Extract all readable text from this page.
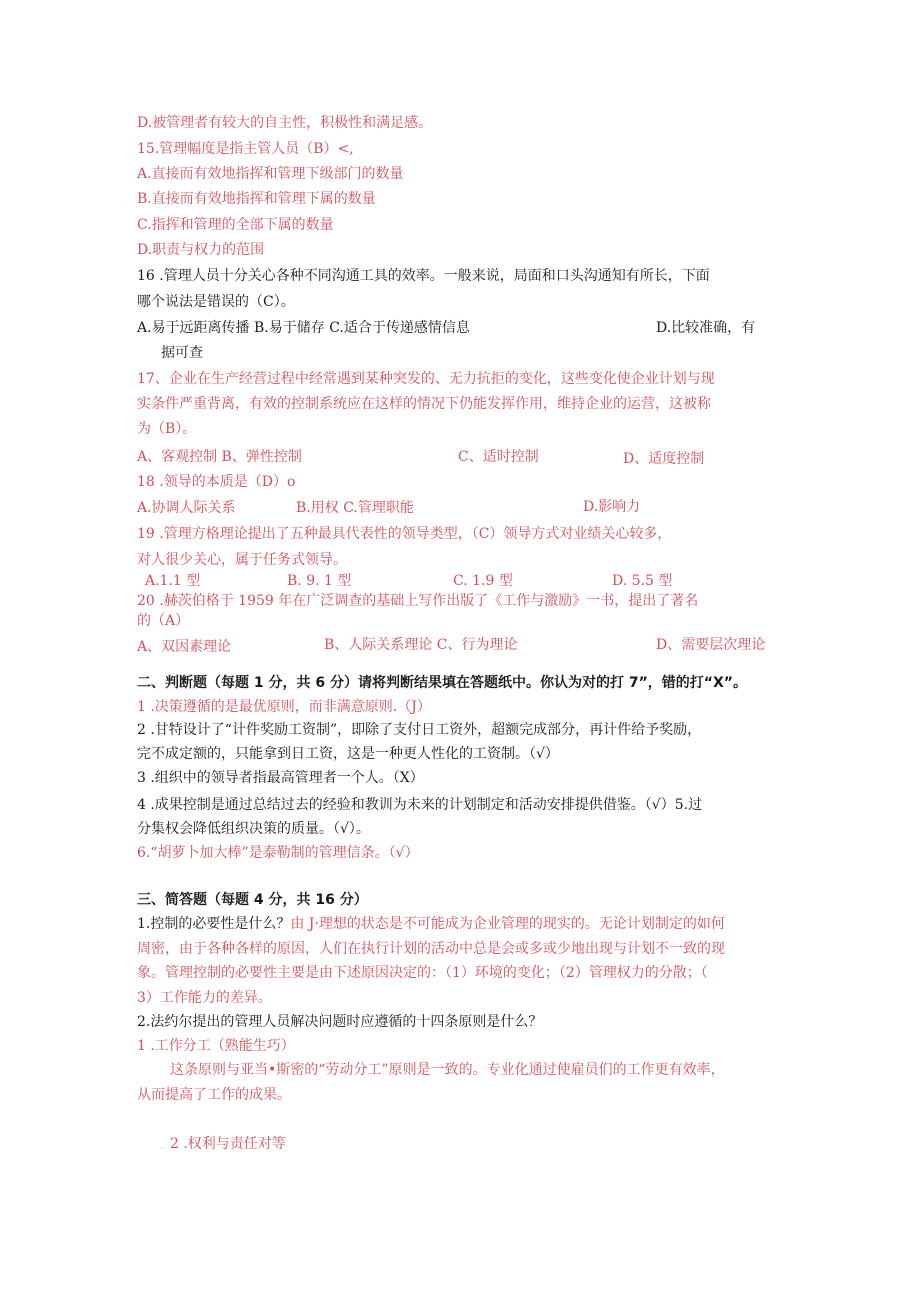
D.被管理者有较大的自主性，积极性和满足感。
15.管理幅度是指主管人员（B）<,
A.直接而有效地指挥和管理下级部门的数量
B.直接而有效地指挥和管理下属的数量
C.指挥和管理的全部下属的数量
D.职责与权力的范围
16 .管理人员十分关心各种不同沟通工具的效率。一般来说，局面和口头沟通知有所长，下面
哪个说法是错误的（C）。
A.易于远距离传播 B.易于储存 C.适合于传递感情信息	D.比较准确，有
据可查
17、企业在生产经营过程中经常遇到某种突发的、无力抗拒的变化，这些变化使企业计划与现
实条件严重背离，有效的控制系统应在这样的情况下仍能发挥作用，维持企业的运营，这被称
为（B）。
A、客观控制 B、弹性控制	C、适时控制	D、适度控制
18 .领导的本质是（D）o
A.协调人际关系	B.用权 C.管理职能	D.影响力
19 .管理方格理论提出了五种最具代表性的领导类型，（C）领导方式对业绩关心较多，
对人很少关心，属于任务式领导。
A.1.1 型	B. 9. 1 型	C. 1.9 型	D. 5.5 型
20 .赫茨伯格于 1959 年在广泛调查的基础上写作出版了《工作与激励》一书，提出了著名
的（A）
A、双因素理论	B、人际关系理论 C、行为理论	D、需要层次理论
二、判断题（每题 1 分，共 6 分）请将判断结果填在答题纸中。你认为对的打 7”，错的打“X”。
1 .决策遵循的是最优原则，而非满意原则.（J）
2 .甘特设计了“计件奖励工资制”，即除了支付日工资外，超额完成部分，再计件给予奖励，
完不成定额的，只能拿到日工资，这是一种更人性化的工资制。（√）
3 .组织中的领导者指最高管理者一个人。（X）
4 .成果控制是通过总结过去的经验和教训为未来的计划制定和活动安排提供借鉴。（√）5.过
分集权会降低组织决策的质量。（√）。
6.“胡萝卜加大棒”是泰勒制的管理信条。（√）
三、简答题（每题 4 分，共 16 分）
1.控制的必要性是什么？由 J·理想的状态是不可能成为企业管理的现实的。无论计划制定的如何
周密，由于各种各样的原因，人们在执行计划的活动中总是会或多或少地出现与计划不一致的现
象。管理控制的必要性主要是由下述原因决定的：（1）环境的变化；（2）管理权力的分散；（
3）工作能力的差异。
2.法约尔提出的管理人员解决问题时应遵循的十四条原则是什么？
1 .工作分工（熟能生巧）
这条原则与亚当•斯密的“劳动分工”原则是一致的。专业化通过使雇员们的工作更有效率，
从而提高了工作的成果。
2 .权利与责任对等
